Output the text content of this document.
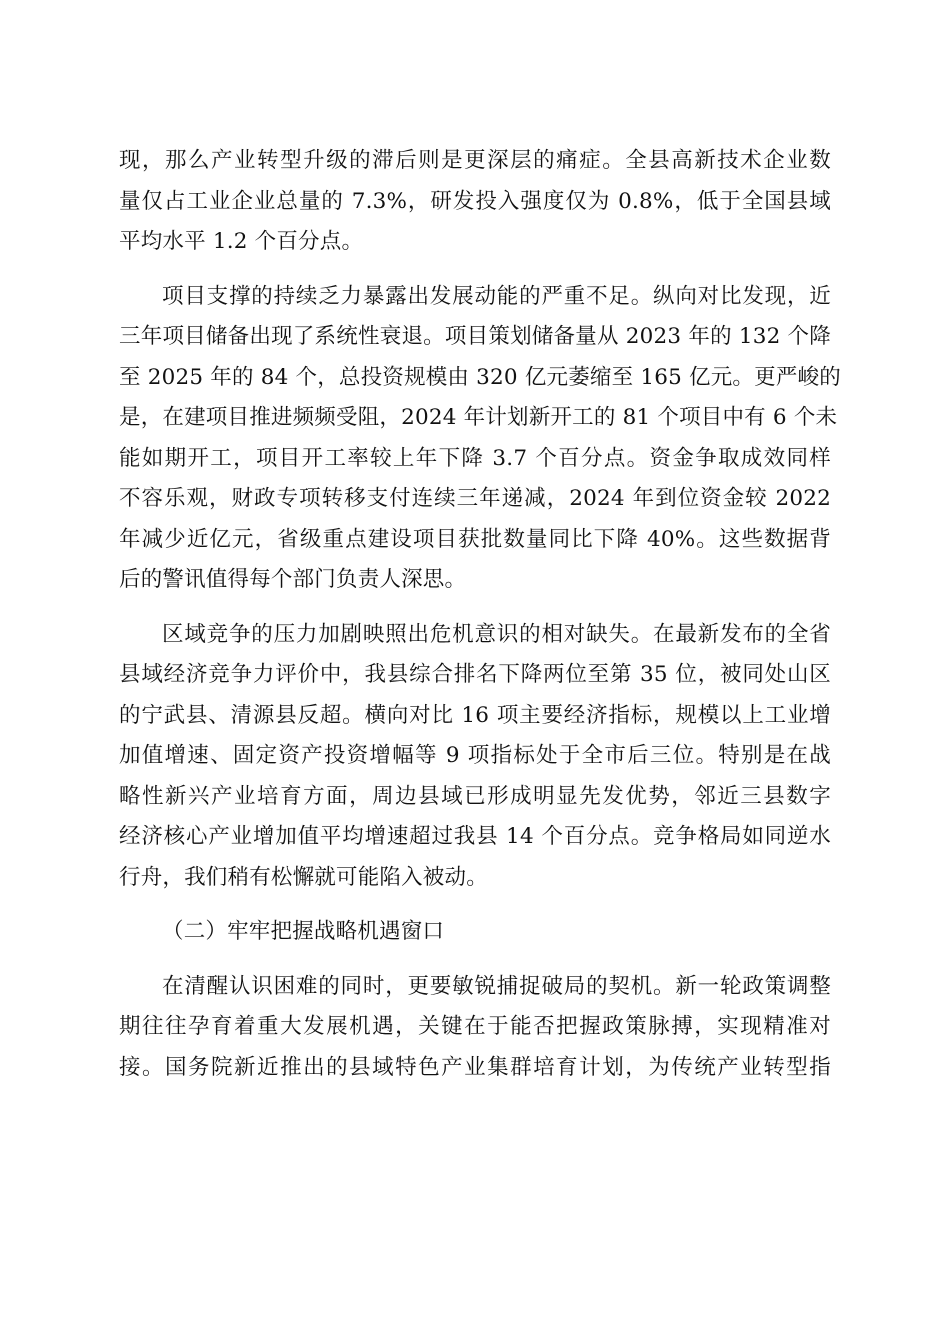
现，那么产业转型升级的滞后则是更深层的痛症。全县高新技术企业数
量仅占工业企业总量的 7.3%，研发投入强度仅为 0.8%，低于全国县域
平均水平 1.2 个百分点。
项目支撑的持续乏力暴露出发展动能的严重不足。纵向对比发现，近
三年项目储备出现了系统性衰退。项目策划储备量从 2023 年的 132 个降
至 2025 年的 84 个，总投资规模由 320 亿元萎缩至 165 亿元。更严峻的
是，在建项目推进频频受阻，2024 年计划新开工的 81 个项目中有 6 个未
能如期开工，项目开工率较上年下降 3.7 个百分点。资金争取成效同样
不容乐观，财政专项转移支付连续三年递减，2024 年到位资金较 2022
年减少近亿元，省级重点建设项目获批数量同比下降 40%。这些数据背
后的警讯值得每个部门负责人深思。
区域竞争的压力加剧映照出危机意识的相对缺失。在最新发布的全省
县域经济竞争力评价中，我县综合排名下降两位至第 35 位，被同处山区
的宁武县、清源县反超。横向对比 16 项主要经济指标，规模以上工业增
加值增速、固定资产投资增幅等 9 项指标处于全市后三位。特别是在战
略性新兴产业培育方面，周边县域已形成明显先发优势，邻近三县数字
经济核心产业增加值平均增速超过我县 14 个百分点。竞争格局如同逆水
行舟，我们稍有松懈就可能陷入被动。
（二）牢牢把握战略机遇窗口
在清醒认识困难的同时，更要敏锐捕捉破局的契机。新一轮政策调整
期往往孕育着重大发展机遇，关键在于能否把握政策脉搏，实现精准对
接。国务院新近推出的县域特色产业集群培育计划，为传统产业转型指
